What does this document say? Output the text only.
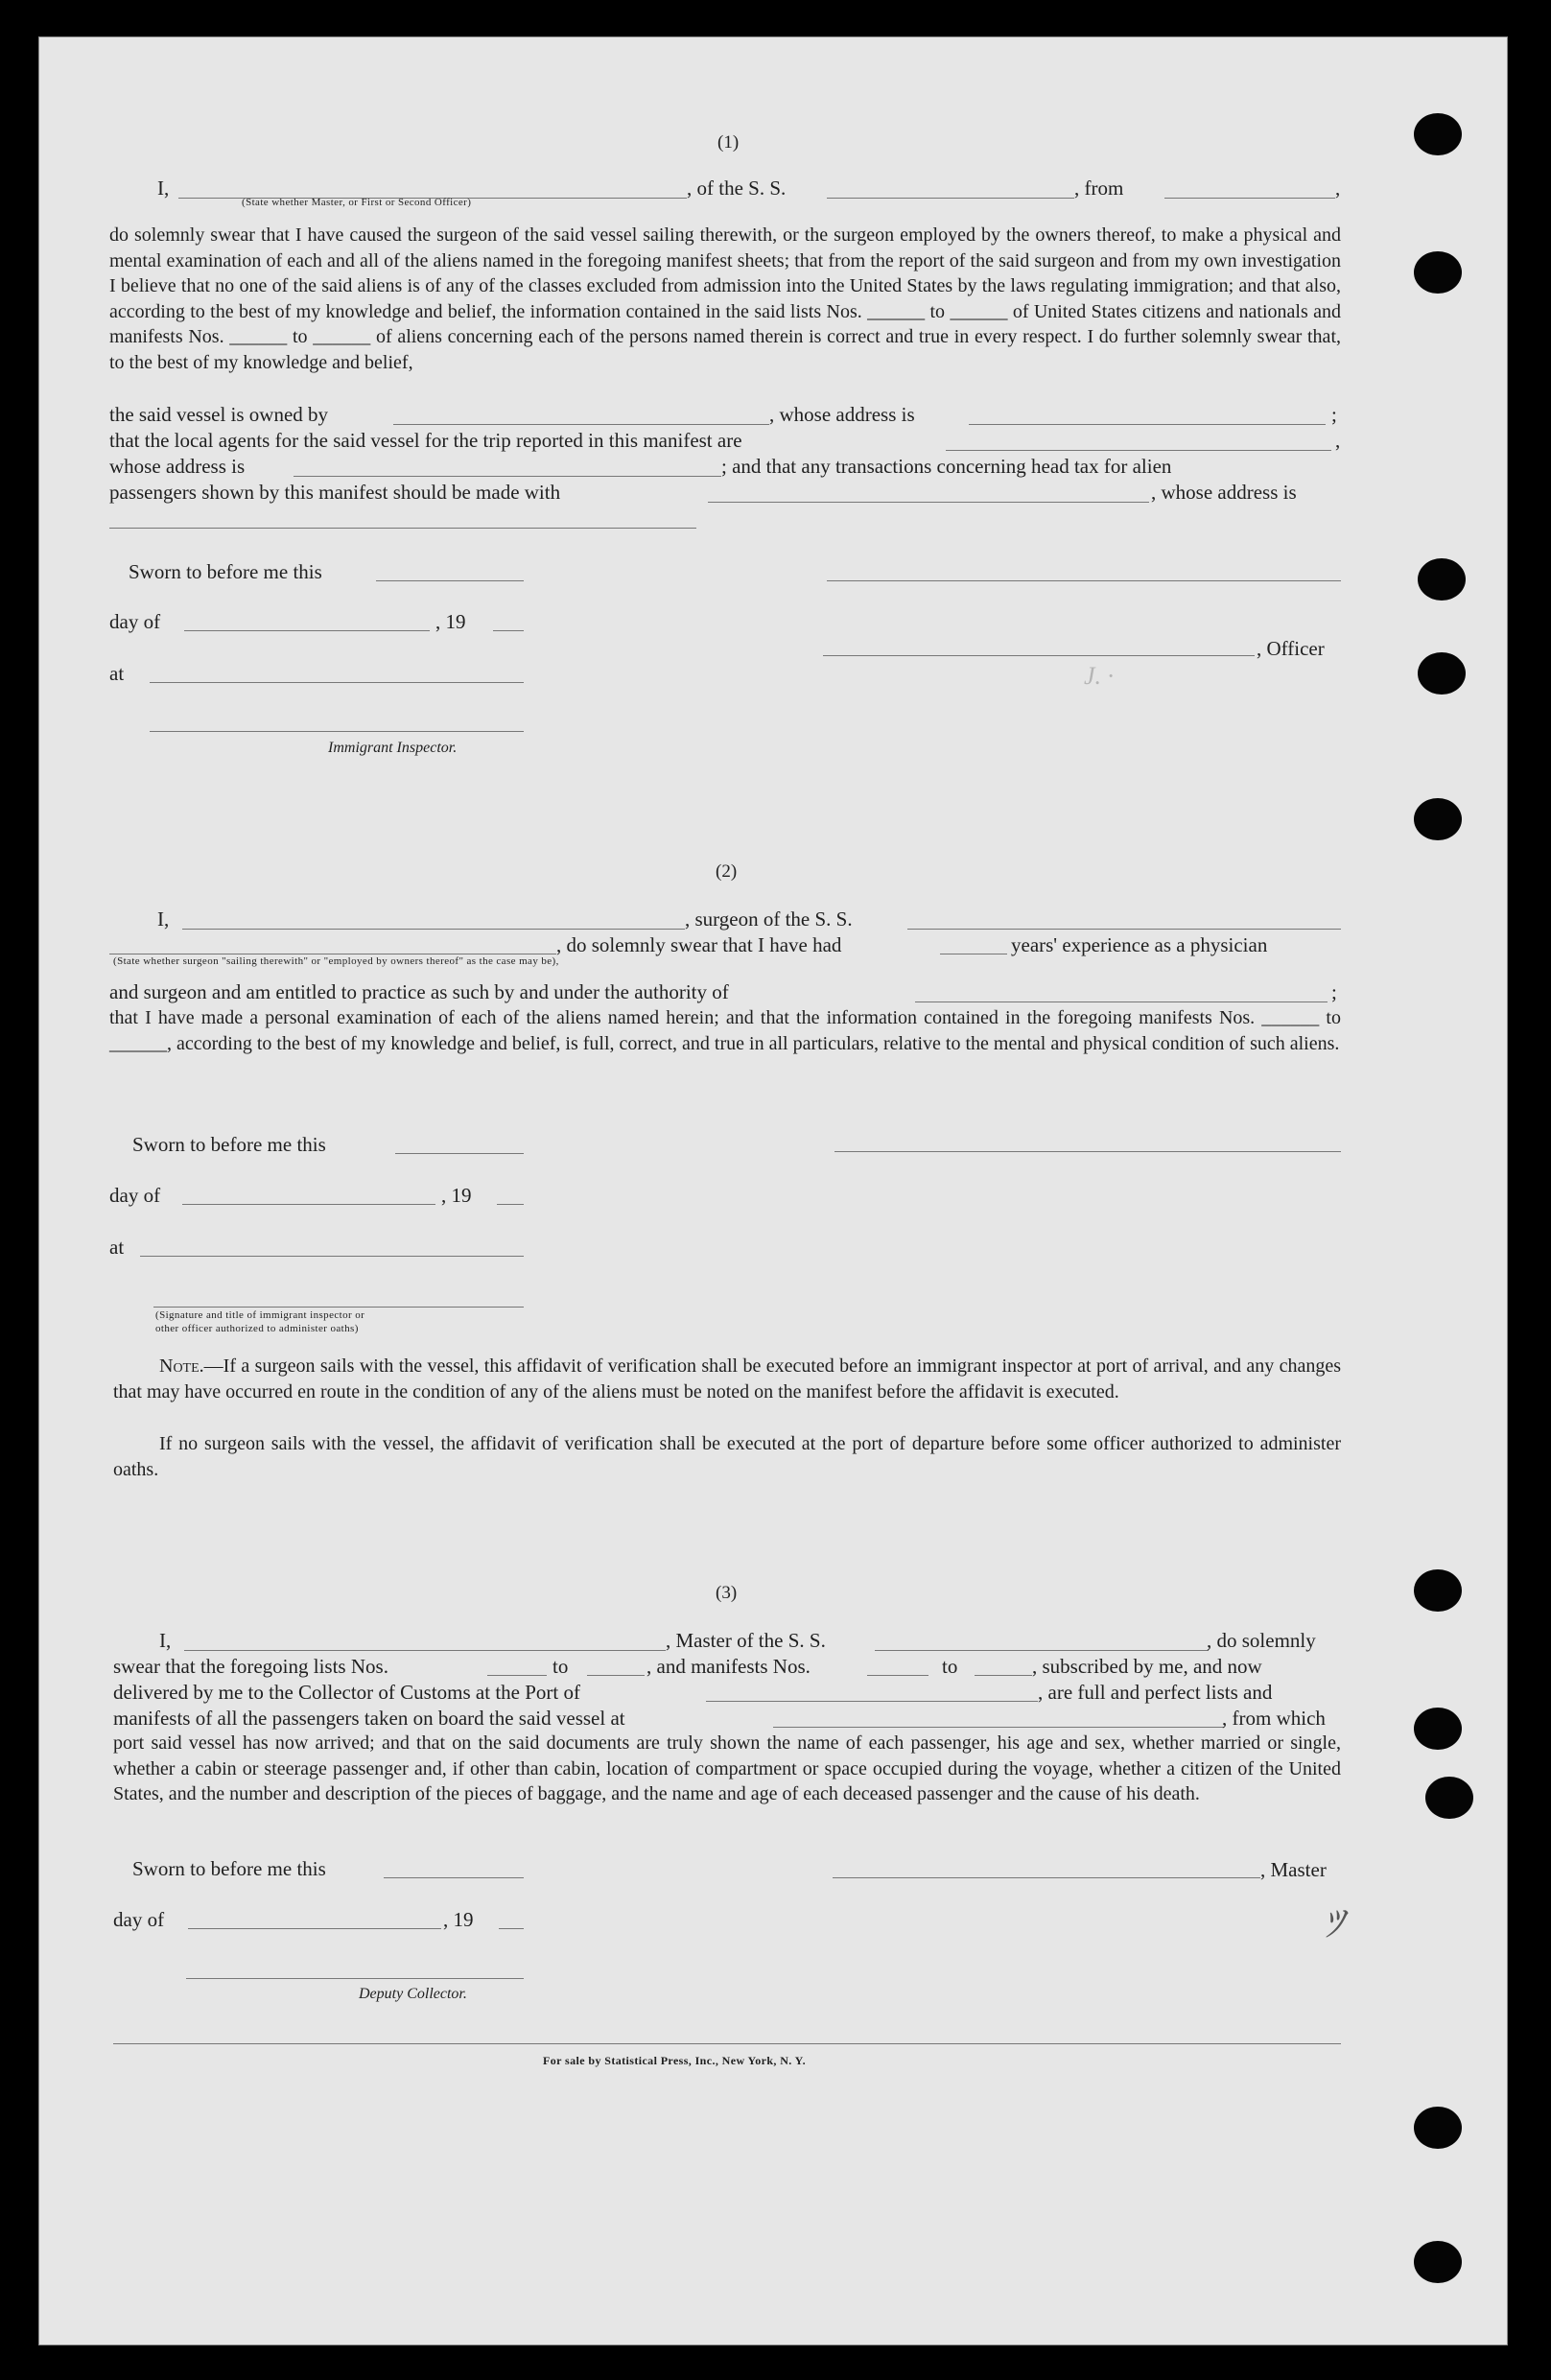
(1)
I,
(State whether Master, or First or Second Officer)
, of the S. S.	, from	,
do solemnly swear that I have caused the surgeon of the said vessel sailing therewith, or the surgeon employed by the owners thereof, to make a physical and mental examination of each and all of the aliens named in the foregoing manifest sheets; that from the report of the said surgeon and from my own investigation I believe that no one of the said aliens is of any of the classes excluded from admission into the United States by the laws regulating immigration; and that also, according to the best of my knowledge and belief, the information contained in the said lists Nos. ______ to ______ of United States citizens and nationals and manifests Nos. ______ to ______ of aliens concerning each of the persons named therein is correct and true in every respect. I do further solemnly swear that, to the best of my knowledge and belief,
the said vessel is owned by	, whose address is	;
that the local agents for the said vessel for the trip reported in this manifest are	,
whose address is	; and that any transactions concerning head tax for alien
passengers shown by this manifest should be made with	, whose address is
Sworn to before me this
day of	, 19
, Officer
at
Immigrant Inspector.
(2)
I,	, surgeon of the S. S.
, do solemnly swear that I have had	years' experience as a physician
(State whether surgeon "sailing therewith" or "employed by owners thereof" as the case may be),
and surgeon and am entitled to practice as such by and under the authority of	;
that I have made a personal examination of each of the aliens named herein; and that the information contained in the foregoing manifests Nos. ______ to ______, according to the best of my knowledge and belief, is full, correct, and true in all particulars, relative to the mental and physical condition of such aliens.
Sworn to before me this
day of	, 19
at
(Signature and title of immigrant inspector or
other officer authorized to administer oaths)
Note.—If a surgeon sails with the vessel, this affidavit of verification shall be executed before an immigrant inspector at port of arrival, and any changes that may have occurred en route in the condition of any of the aliens must be noted on the manifest before the affidavit is executed.
If no surgeon sails with the vessel, the affidavit of verification shall be executed at the port of departure before some officer authorized to administer oaths.
(3)
I,	, Master of the S. S.	, do solemnly
swear that the foregoing lists Nos.	to	, and manifests Nos.	to	, subscribed by me, and now
delivered by me to the Collector of Customs at the Port of	, are full and perfect lists and
manifests of all the passengers taken on board the said vessel at	, from which
port said vessel has now arrived; and that on the said documents are truly shown the name of each passenger, his age and sex, whether married or single, whether a cabin or steerage passenger and, if other than cabin, location of compartment or space occupied during the voyage, whether a citizen of the United States, and the number and description of the pieces of baggage, and the name and age of each deceased passenger and the cause of his death.
Sworn to before me this	, Master
day of	, 19
Deputy Collector.
For sale by Statistical Press, Inc., New York, N. Y.
ﾂ
J. ·
